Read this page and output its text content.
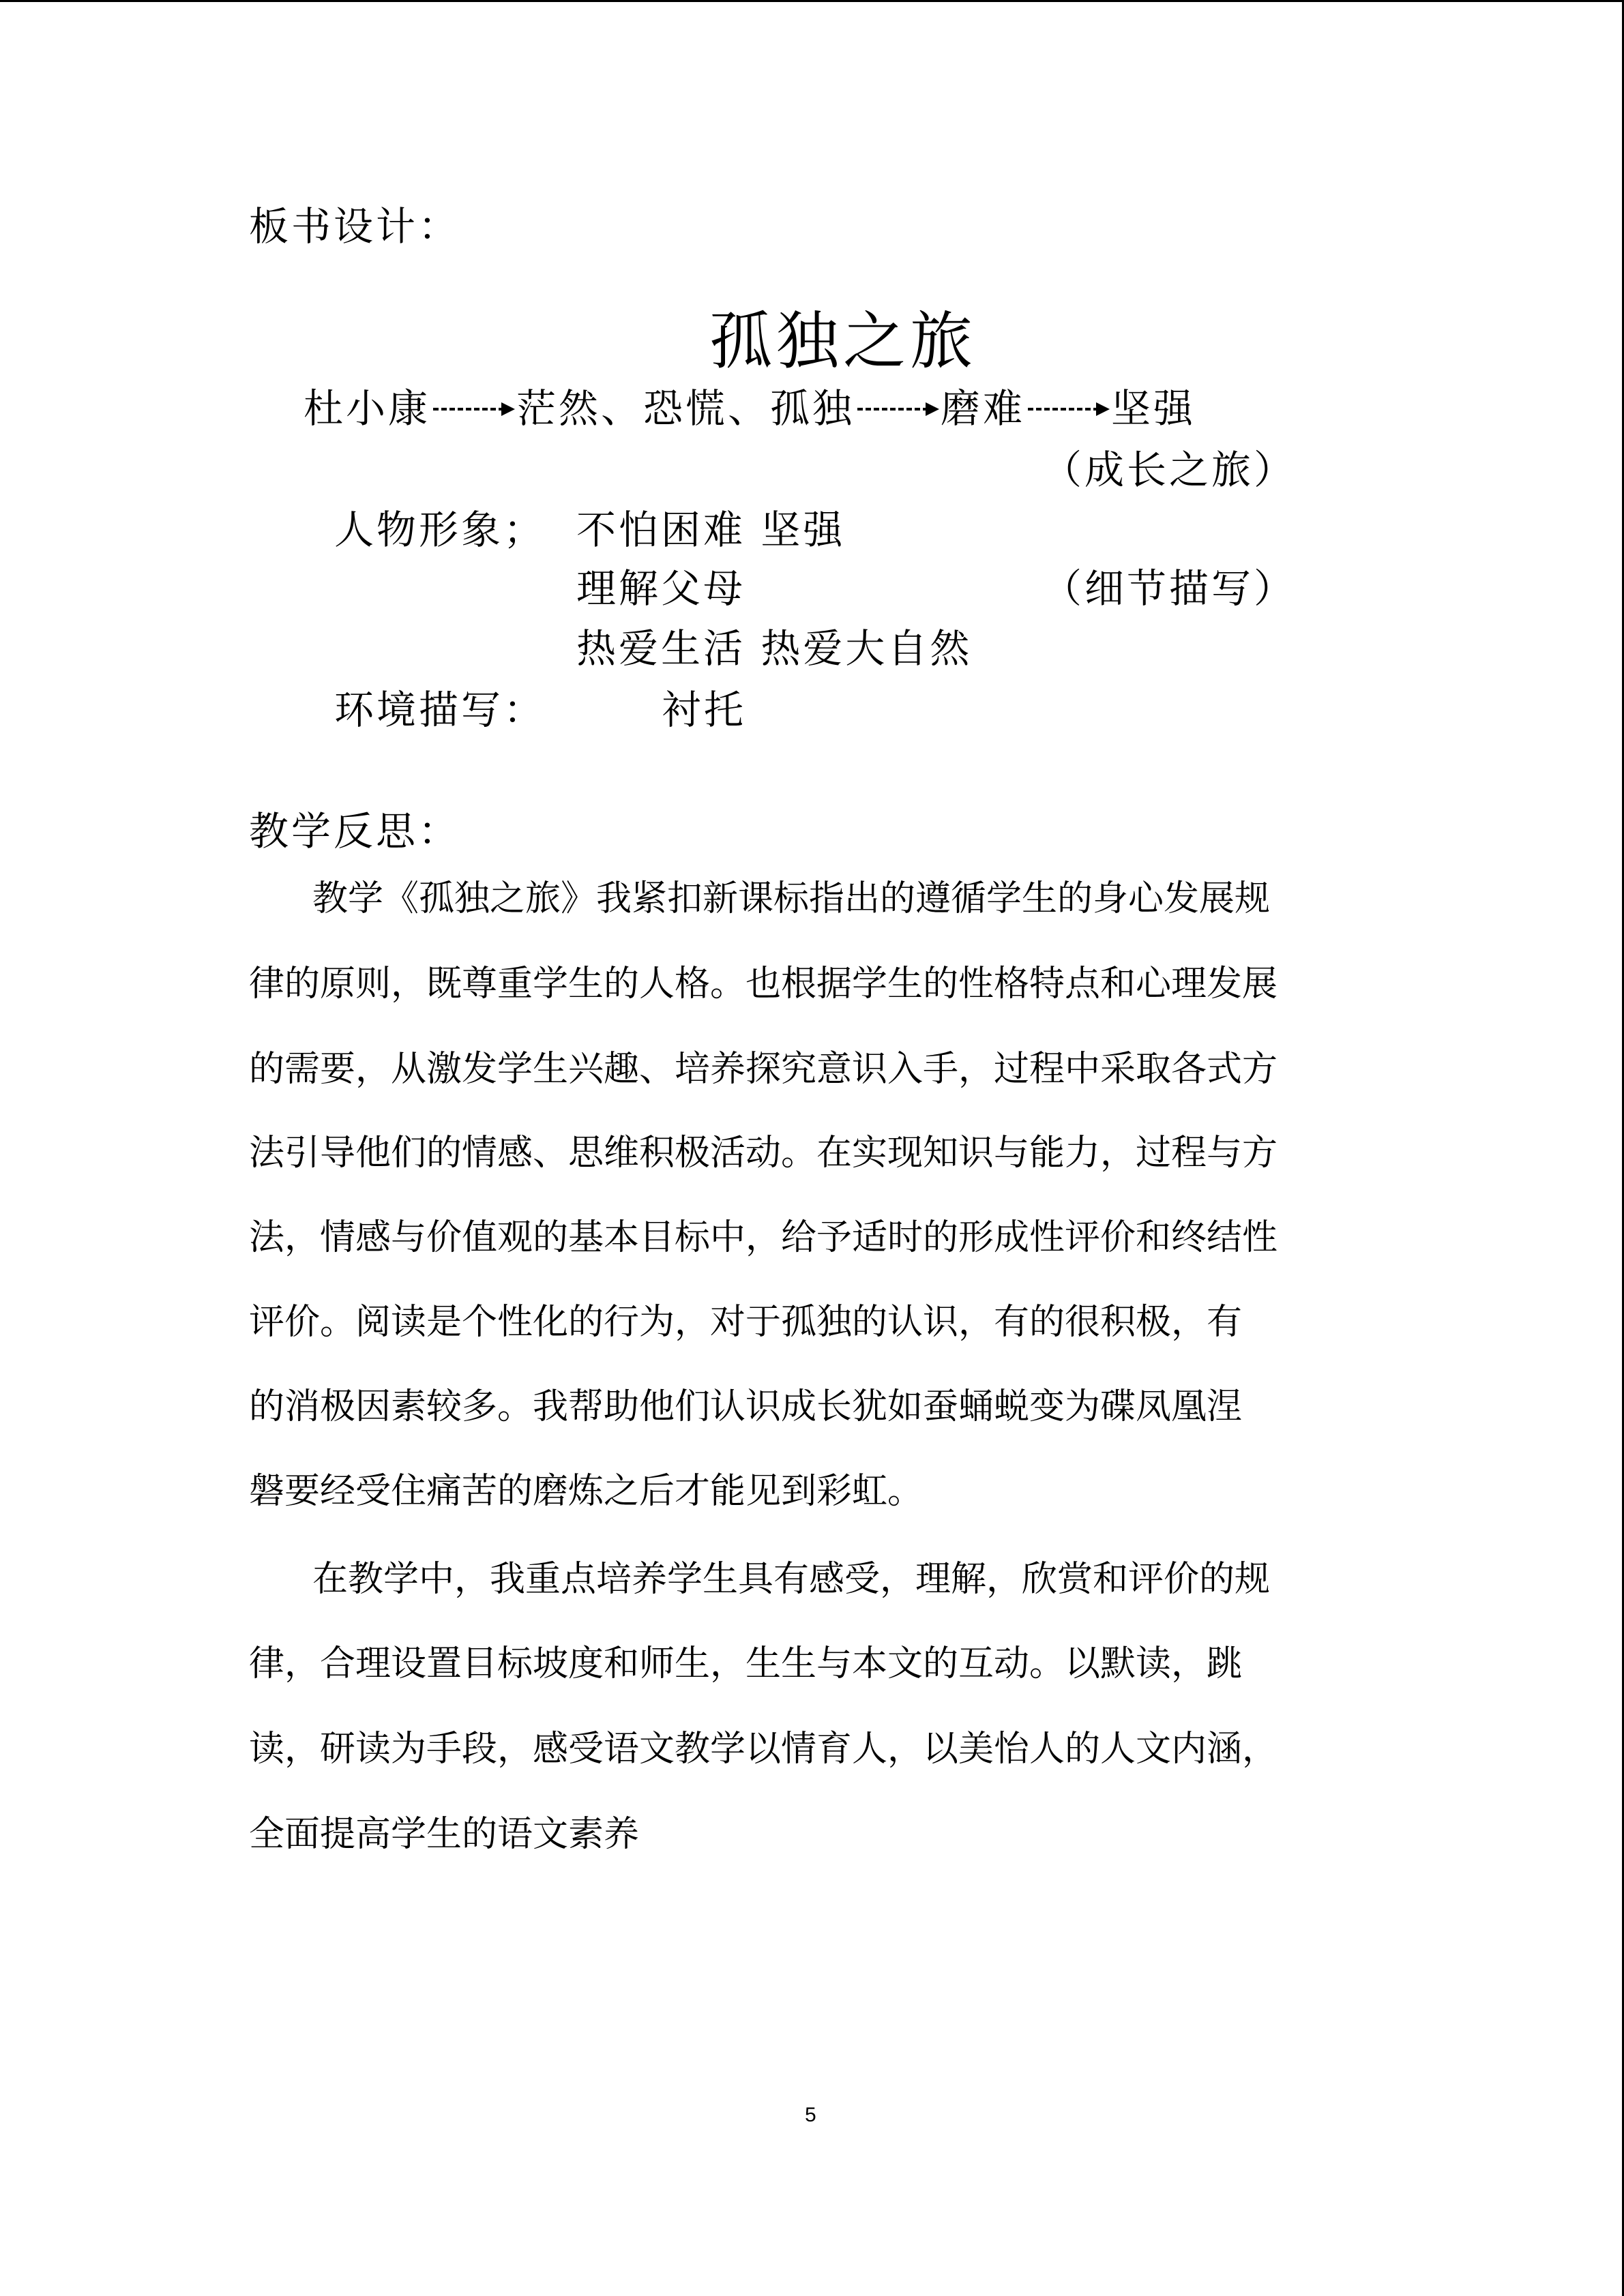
板书设计：
孤独之旅
杜小康 茫然、恐慌、孤独 磨难 坚强
（成长之旅）
人物形象； 不怕困难 坚强
理解父母	（细节描写）
热爱生活 热爱大自然
环境描写：	衬托
教学反思：
教学《孤独之旅》我紧扣新课标指出的遵循学生的身心发展规
律的原则，既尊重学生的人格。也根据学生的性格特点和心理发展
的需要，从激发学生兴趣、培养探究意识入手，过程中采取各式方
法引导他们的情感、思维积极活动。在实现知识与能力，过程与方
法，情感与价值观的基本目标中，给予适时的形成性评价和终结性
评价。阅读是个性化的行为，对于孤独的认识，有的很积极，有
的消极因素较多。我帮助他们认识成长犹如蚕蛹蜕变为碟凤凰涅
磐要经受住痛苦的磨炼之后才能见到彩虹。
在教学中，我重点培养学生具有感受，理解，欣赏和评价的规
律，合理设置目标坡度和师生，生生与本文的互动。以默读，跳
读，研读为手段，感受语文教学以情育人，以美怡人的人文内涵，
全面提高学生的语文素养
5
